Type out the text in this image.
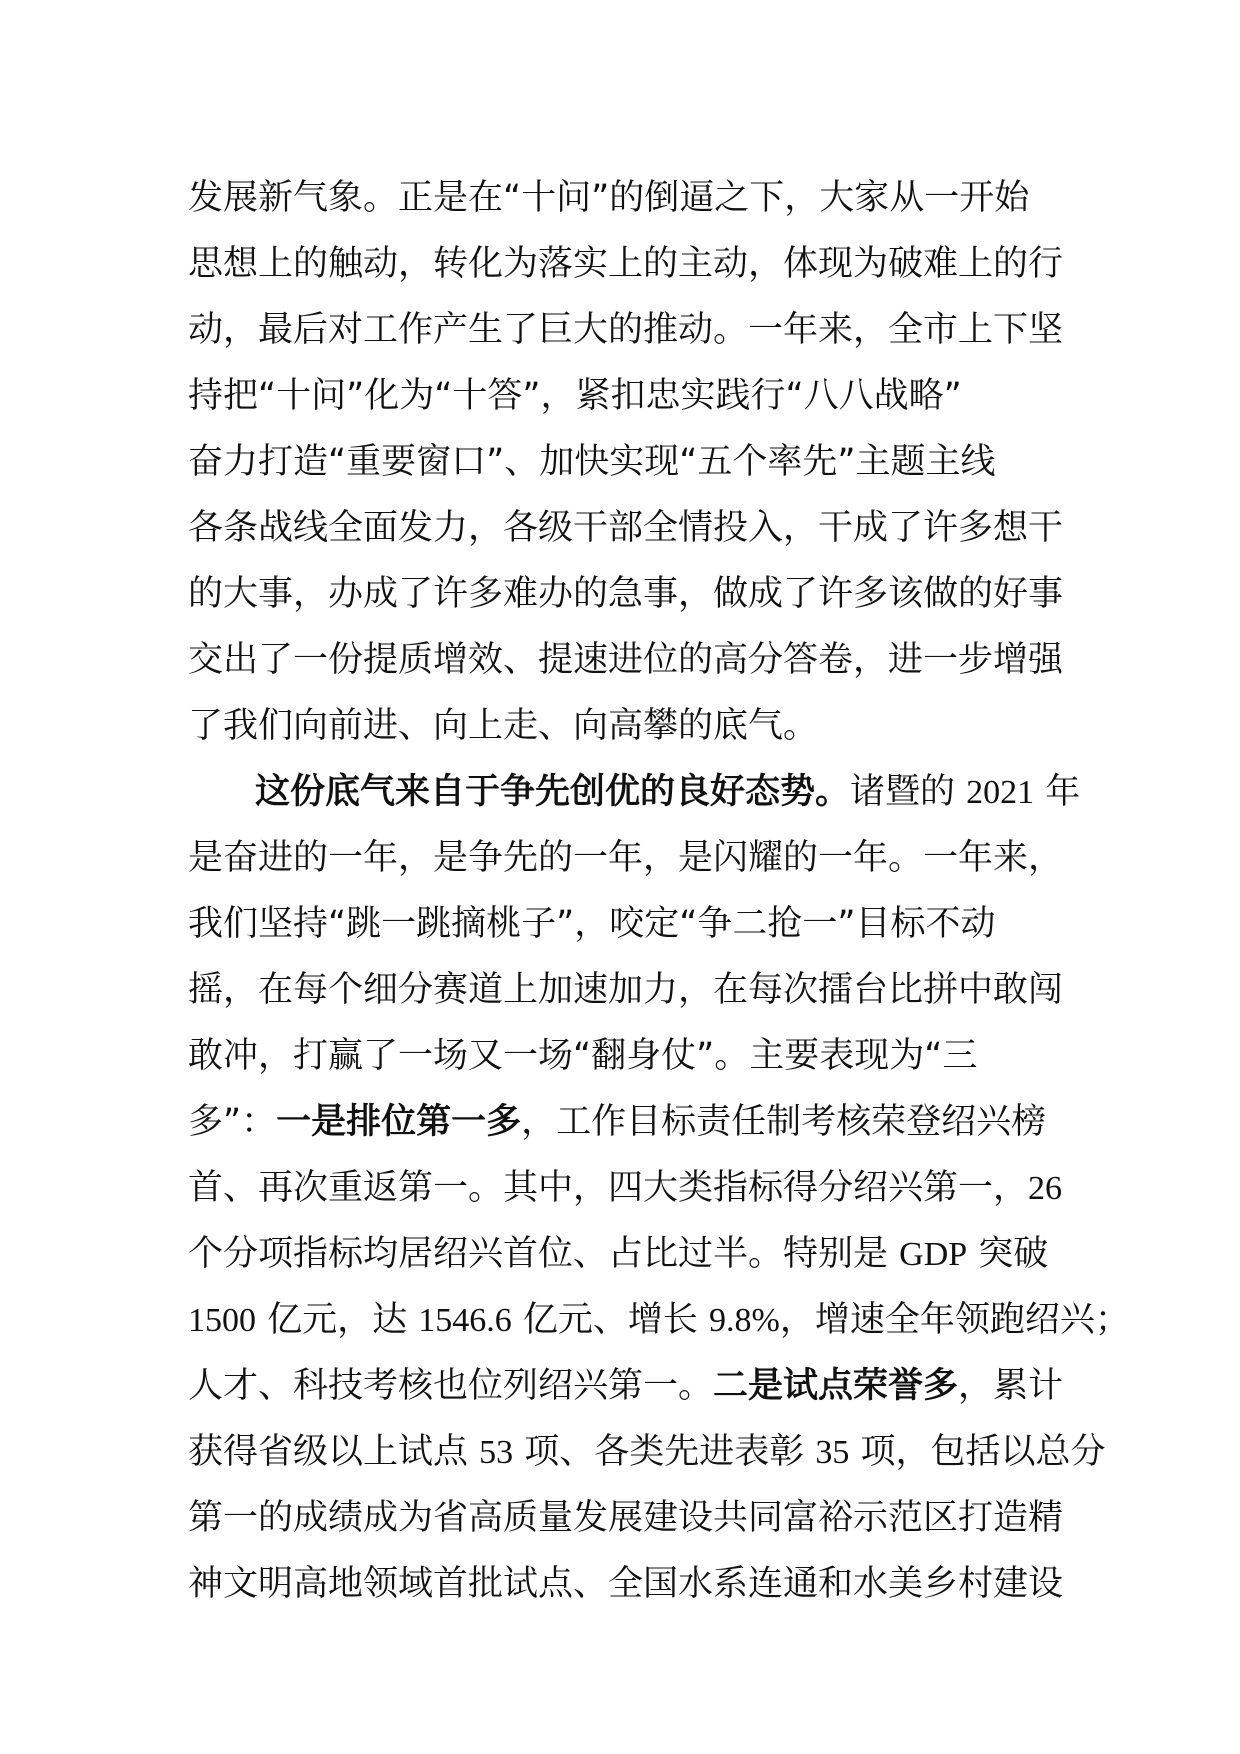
发展新气象。正是在“十问”的倒逼之下，大家从一开始
思想上的触动，转化为落实上的主动，体现为破难上的行
动，最后对工作产生了巨大的推动。一年来，全市上下坚
持把“十问”化为“十答”，紧扣忠实践行“八八战略”
奋力打造“重要窗口”、加快实现“五个率先”主题主线
各条战线全面发力，各级干部全情投入，干成了许多想干
的大事，办成了许多难办的急事，做成了许多该做的好事
交出了一份提质增效、提速进位的高分答卷，进一步增强
了我们向前进、向上走、向高攀的底气。
这份底气来自于争先创优的良好态势。诸暨的 2021 年
是奋进的一年，是争先的一年，是闪耀的一年。一年来，
我们坚持“跳一跳摘桃子”，咬定“争二抢一”目标不动
摇，在每个细分赛道上加速加力，在每次擂台比拼中敢闯
敢冲，打赢了一场又一场“翻身仗”。主要表现为“三
多”：一是排位第一多，工作目标责任制考核荣登绍兴榜
首、再次重返第一。其中，四大类指标得分绍兴第一，26
个分项指标均居绍兴首位、占比过半。特别是 GDP 突破
1500 亿元，达 1546.6 亿元、增长 9.8%，增速全年领跑绍兴；
人才、科技考核也位列绍兴第一。二是试点荣誉多，累计
获得省级以上试点 53 项、各类先进表彰 35 项，包括以总分
第一的成绩成为省高质量发展建设共同富裕示范区打造精
神文明高地领域首批试点、全国水系连通和水美乡村建设
